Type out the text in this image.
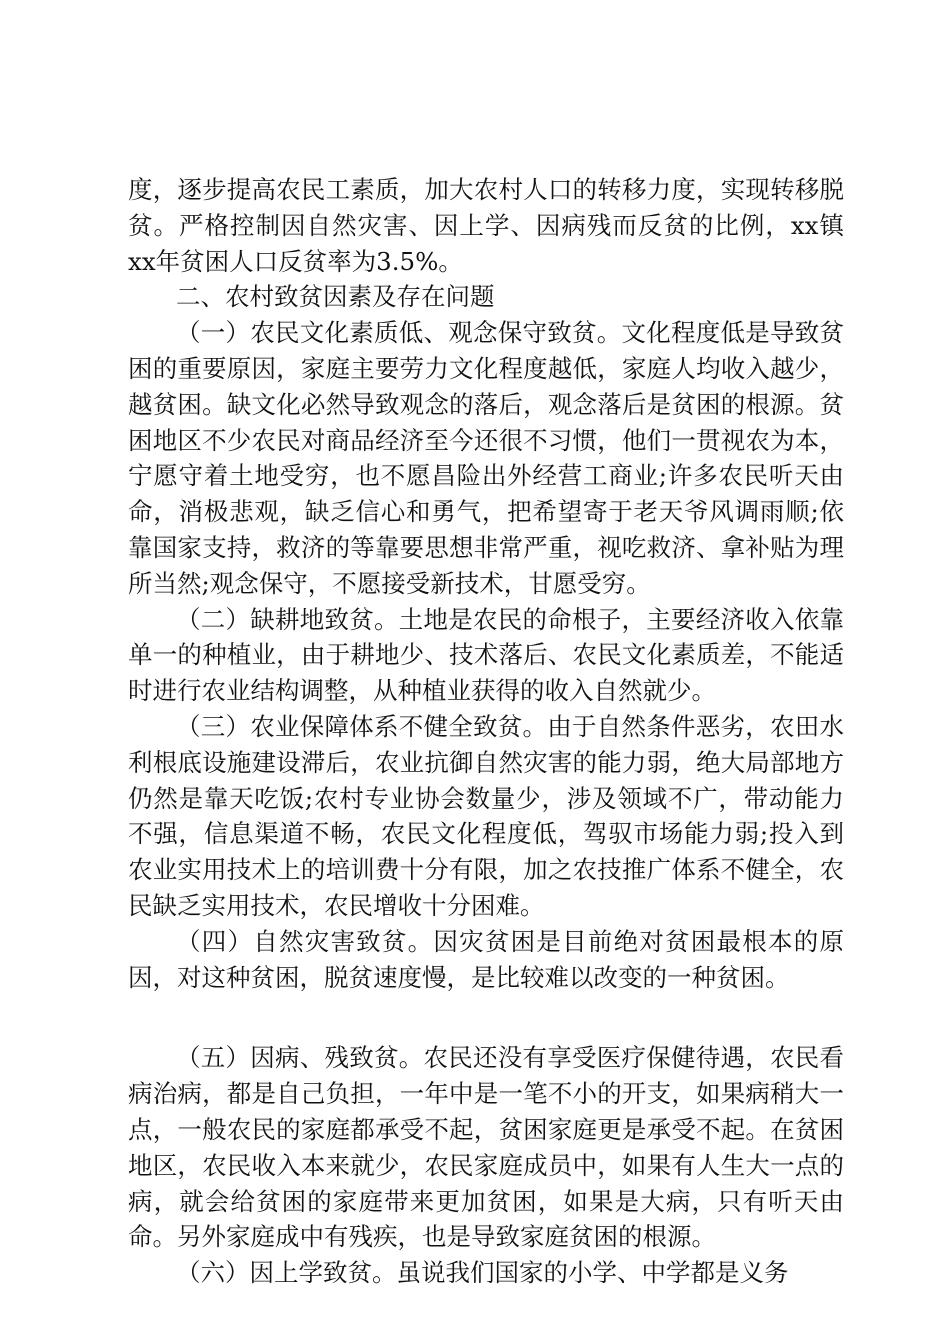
度，逐步提高农民工素质，加大农村人口的转移力度，实现转移脱贫。严格控制因自然灾害、因上学、因病残而反贫的比例，xx镇xx年贫困人口反贫率为3.5%。

二、农村致贫因素及存在问题

（一）农民文化素质低、观念保守致贫。文化程度低是导致贫困的重要原因，家庭主要劳力文化程度越低，家庭人均收入越少，越贫困。缺文化必然导致观念的落后，观念落后是贫困的根源。贫困地区不少农民对商品经济至今还很不习惯，他们一贯视农为本，宁愿守着土地受穷，也不愿昌险出外经营工商业;许多农民听天由命，消极悲观，缺乏信心和勇气，把希望寄于老天爷风调雨顺;依靠国家支持，救济的等靠要思想非常严重，视吃救济、拿补贴为理所当然;观念保守，不愿接受新技术，甘愿受穷。

（二）缺耕地致贫。土地是农民的命根子，主要经济收入依靠单一的种植业，由于耕地少、技术落后、农民文化素质差，不能适时进行农业结构调整，从种植业获得的收入自然就少。

（三）农业保障体系不健全致贫。由于自然条件恶劣，农田水利根底设施建设滞后，农业抗御自然灾害的能力弱，绝大局部地方仍然是靠天吃饭;农村专业协会数量少，涉及领域不广，带动能力不强，信息渠道不畅，农民文化程度低，驾驭市场能力弱;投入到农业实用技术上的培训费十分有限，加之农技推广体系不健全，农民缺乏实用技术，农民增收十分困难。

（四）自然灾害致贫。因灾贫困是目前绝对贫困最根本的原因，对这种贫困，脱贫速度慢，是比较难以改变的一种贫困。

（五）因病、残致贫。农民还没有享受医疗保健待遇，农民看病治病，都是自己负担，一年中是一笔不小的开支，如果病稍大一点，一般农民的家庭都承受不起，贫困家庭更是承受不起。在贫困地区，农民收入本来就少，农民家庭成员中，如果有人生大一点的病，就会给贫困的家庭带来更加贫困，如果是大病，只有听天由命。另外家庭成中有残疾，也是导致家庭贫困的根源。

（六）因上学致贫。虽说我们国家的小学、中学都是义务
